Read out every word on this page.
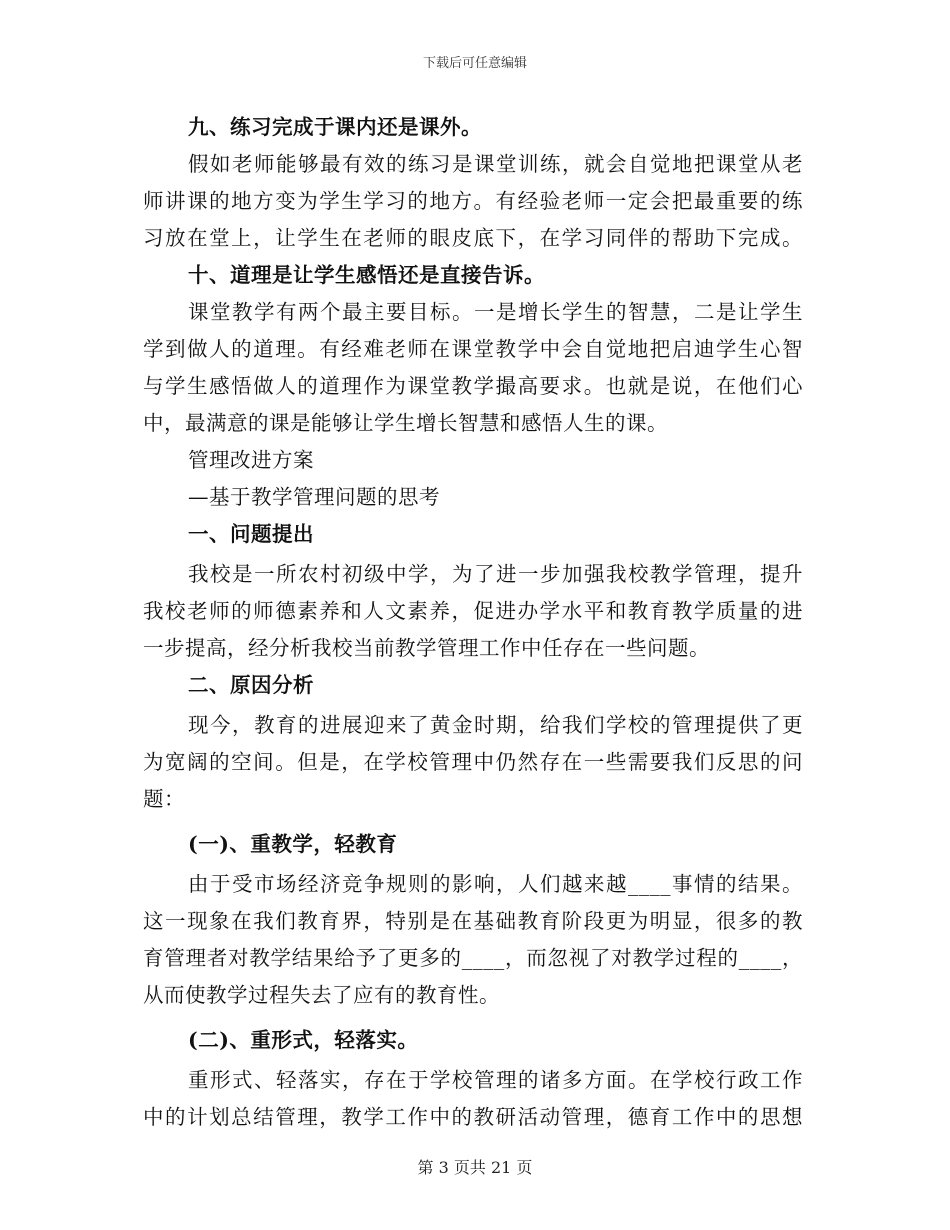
下载后可任意编辑
九、练习完成于课内还是课外。
假如老师能够最有效的练习是课堂训练，就会自觉地把课堂从老
师讲课的地方变为学生学习的地方。有经验老师一定会把最重要的练
习放在堂上，让学生在老师的眼皮底下，在学习同伴的帮助下完成。
十、道理是让学生感悟还是直接告诉。
课堂教学有两个最主要目标。一是增长学生的智慧，二是让学生
学到做人的道理。有经难老师在课堂教学中会自觉地把启迪学生心智
与学生感悟做人的道理作为课堂教学撮高要求。也就是说，在他们心
中，最满意的课是能够让学生增长智慧和感悟人生的课。
管理改进方案
—基于教学管理问题的思考
一、问题提出
我校是一所农村初级中学，为了进一步加强我校教学管理，提升
我校老师的师德素养和人文素养，促进办学水平和教育教学质量的进
一步提高，经分析我校当前教学管理工作中任存在一些问题。
二、原因分析
现今，教育的进展迎来了黄金时期，给我们学校的管理提供了更
为宽阔的空间。但是，在学校管理中仍然存在一些需要我们反思的问
题：
(一)、重教学，轻教育
由于受市场经济竞争规则的影响，人们越来越____事情的结果。
这一现象在我们教育界，特别是在基础教育阶段更为明显，很多的教
育管理者对教学结果给予了更多的____，而忽视了对教学过程的____，
从而使教学过程失去了应有的教育性。
(二)、重形式，轻落实。
重形式、轻落实，存在于学校管理的诸多方面。在学校行政工作
中的计划总结管理，教学工作中的教研活动管理，德育工作中的思想
第 3 页共 21 页
